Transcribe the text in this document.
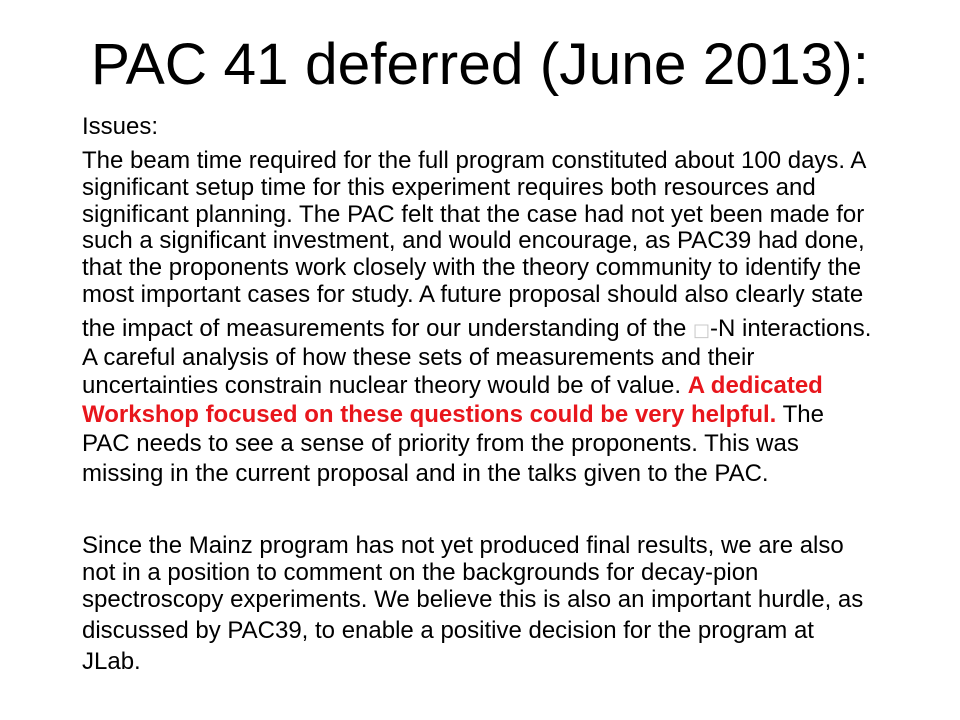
PAC 41 deferred (June 2013):
Issues:
The beam time required for the full program constituted about 100 days. A
significant setup time for this experiment requires both resources and
significant planning. The PAC felt that the case had not yet been made for
such a significant investment, and would encourage, as PAC39 had done,
that the proponents work closely with the theory community to identify the
most important cases for study. A future proposal should also clearly state
the impact of measurements for our understanding of the □-N interactions.
A careful analysis of how these sets of measurements and their
uncertainties constrain nuclear theory would be of value. A dedicated
Workshop focused on these questions could be very helpful. The
PAC needs to see a sense of priority from the proponents. This was
missing in the current proposal and in the talks given to the PAC.
Since the Mainz program has not yet produced final results, we are also
not in a position to comment on the backgrounds for decay-pion
spectroscopy experiments. We believe this is also an important hurdle, as
discussed by PAC39, to enable a positive decision for the program at
JLab.
